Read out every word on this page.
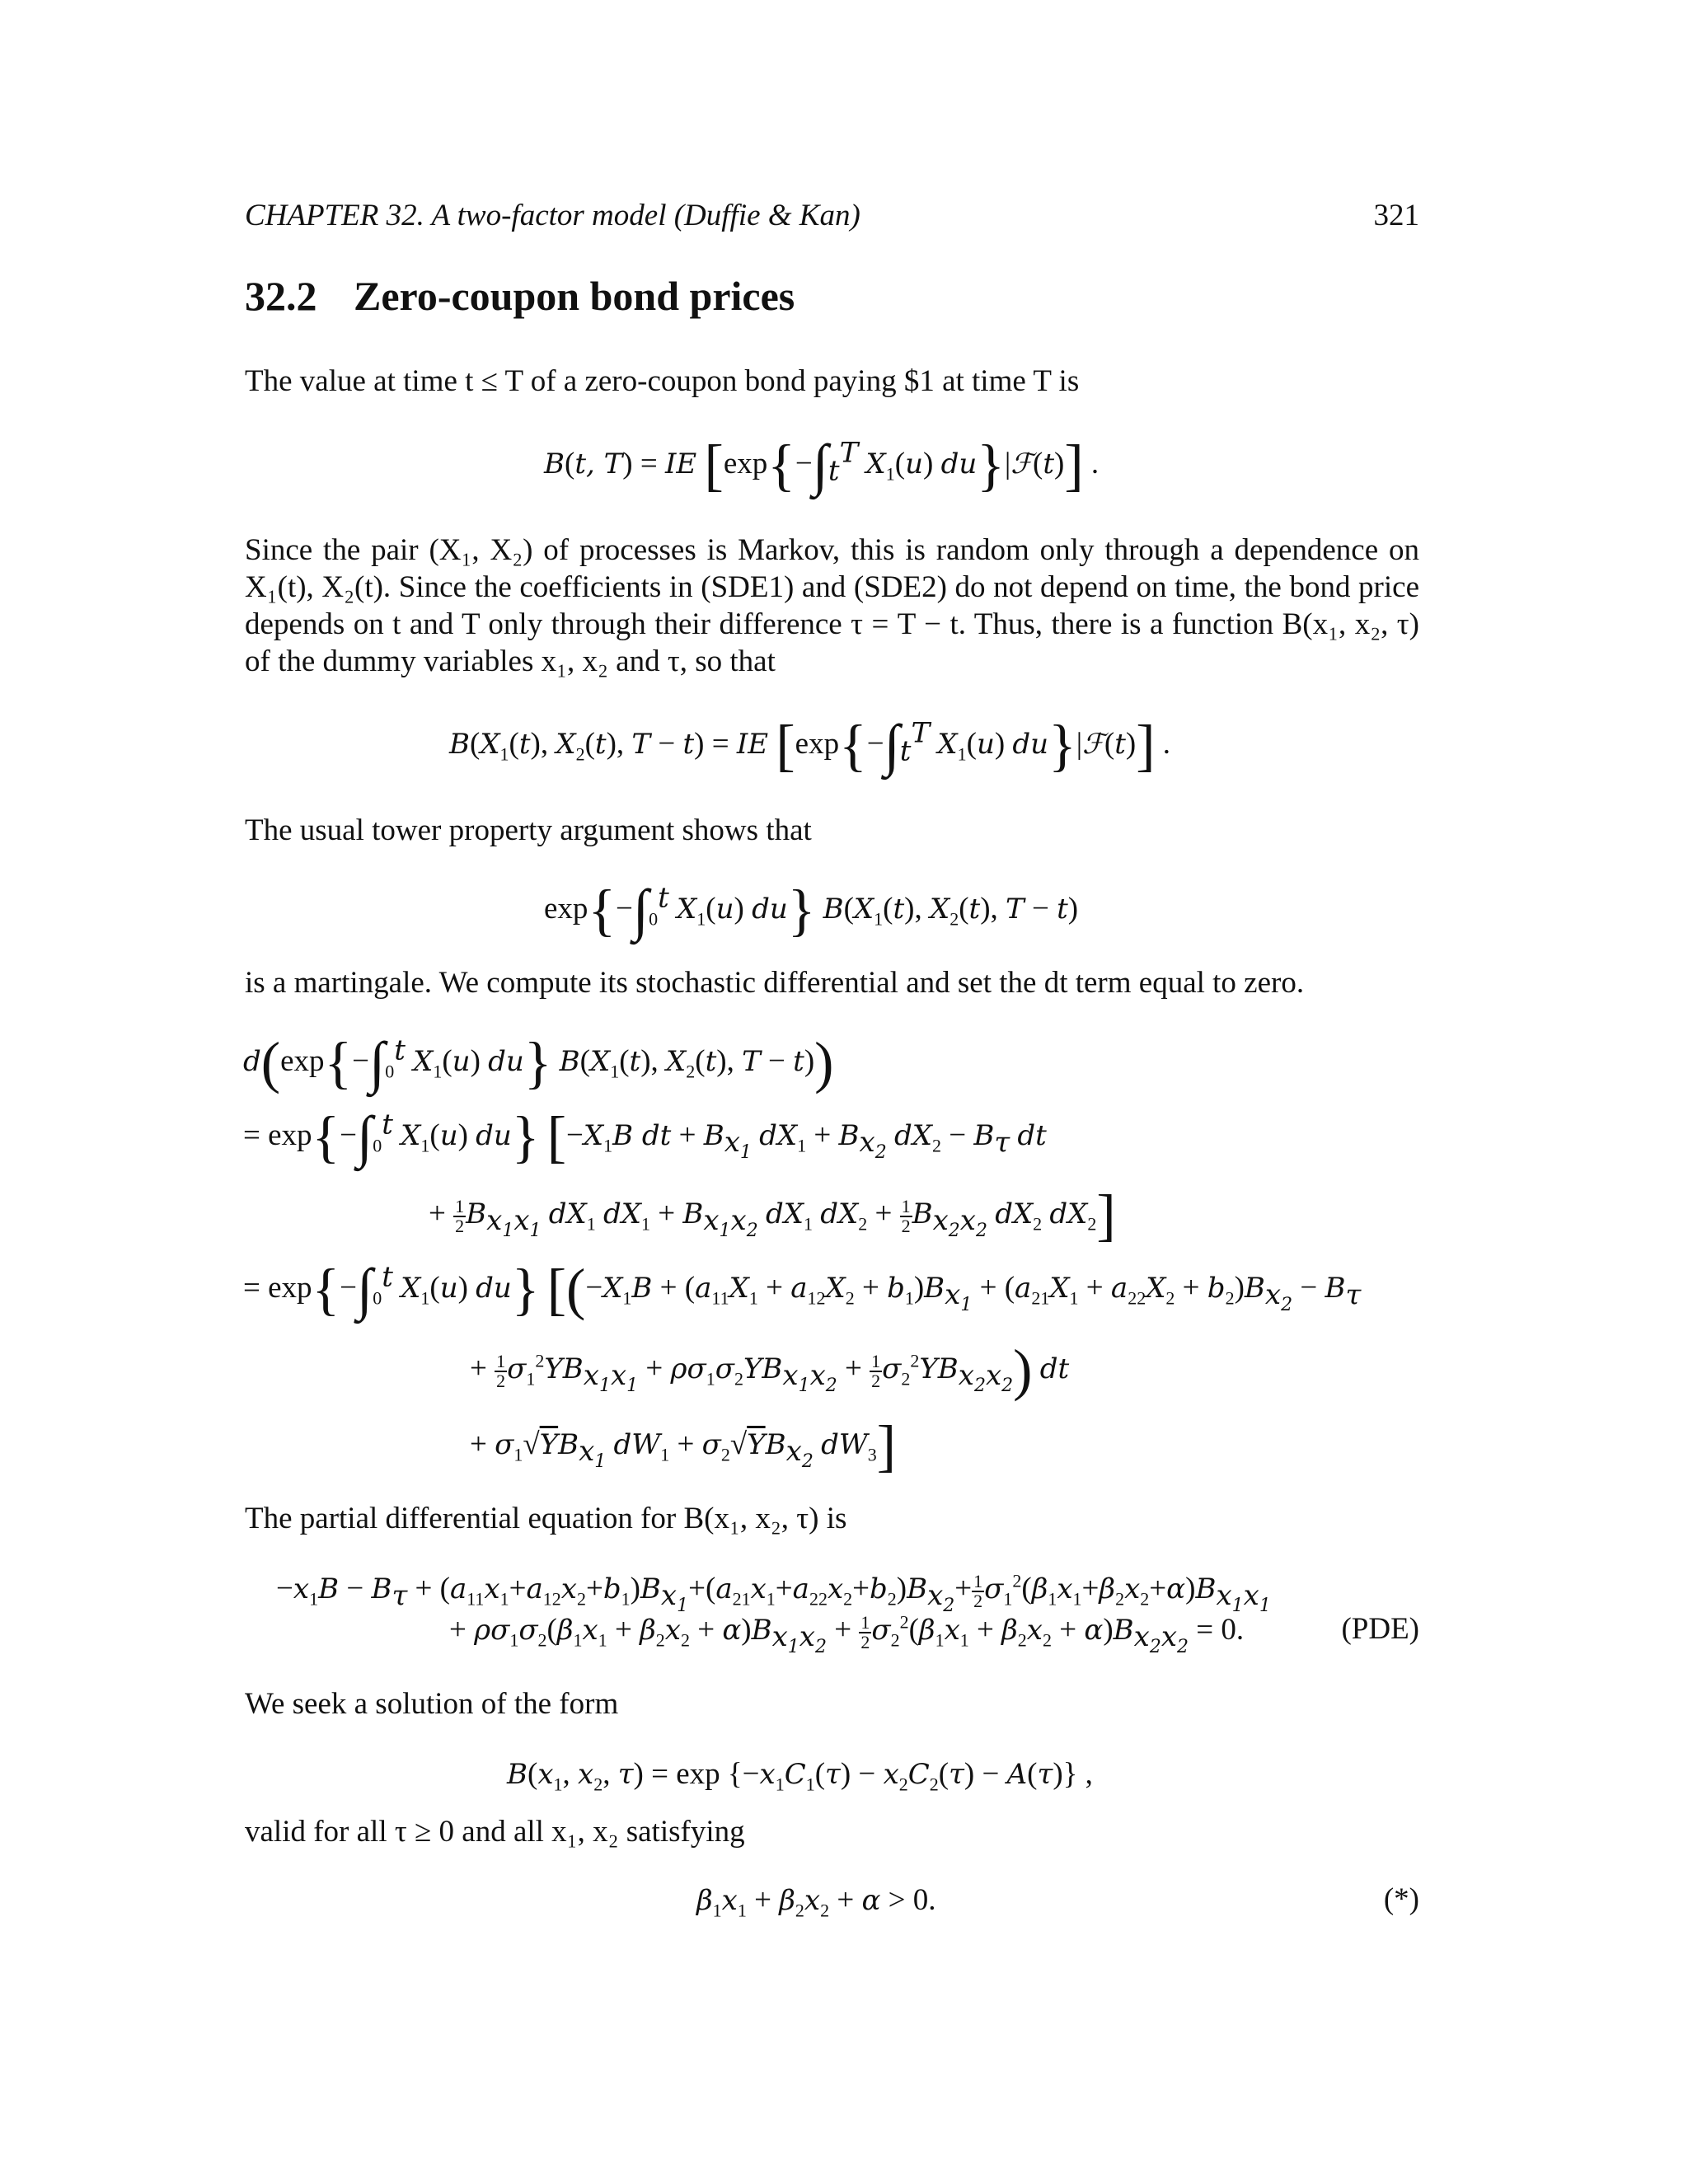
CHAPTER 32. A two-factor model (Duffie & Kan)	321
32.2 Zero-coupon bond prices
The value at time t ≤ T of a zero-coupon bond paying $1 at time T is
B(t, T) = IE [$\exp\{-\int_t^T$ $X_1(u)$ du}|ℱ(t)] .
Since the pair (X₁, X₂) of processes is Markov, this is random only through a dependence on X₁(t), X₂(t). Since the coefficients in (SDE1) and (SDE2) do not depend on time, the bond price depends on t and T only through their difference τ = T − t. Thus, there is a function B(x₁, x₂, τ) of the dummy variables x₁, x₂ and τ, so that
$B(X_1(t)$, $X_2(t)$, T − t) = IE [$\exp\{-\int_t^T$ $X_1(u)$ du}|ℱ(t)] .
The usual tower property argument shows that
$\exp\{-\int_0^t$ $X_1(u)$ du} $B(X_1(t)$, $X_2(t)$, T − t)
is a martingale. We compute its stochastic differential and set the dt term equal to zero.
$d(\exp\{-\int_0^t$ $X_1(u)$ du} $B(X_1(t)$, $X_2(t)$, T − t))
= $\exp\{-\int_0^t$ $X_1(u)$ du} [$-X_1B$ dt + $B_{x_1}$ $dX_1 + B_{x_2}$ $dX_2 - B_\tau$ dt
+ $\frac{1}{2} B_{x_1x_1}$ $dX_1$ $dX_1 + B_{x_1x_2}$ $dX_1$ $dX_2 + \frac{1}{2} B_{x_2x_2}$ $dX_2$ $dX_2$]
= $\exp\{-\int_0^t$ $X_1(u)$ du} [($-X_1B + (a_{11}X_1 + a_{12}X_2 + b_1)B_{x_1} + (a_{21}X_1 + a_{22}X_2 + b_2)B_{x_2} - B_\tau$
+ $\frac{1}{2} \sigma_1^2YB_{x_1x_1} + \rho\sigma_1\sigma_2YB_{x_1x_2} + \frac{1}{2} \sigma_2^2YB_{x_2x_2}$) dt
+ $\sigma_1√YB_{x_1}$ $dW_1 + \sigma_2√YB_{x_2}$ $dW_3$]
The partial differential equation for B(x₁, x₂, τ) is
$-x_1B - B_\tau + (a_{11}x_1+a_{12}x_2+b_1)B_{x_1}+(a_{21}x_1+a_{22}x_2+b_2)B_{x_2}+ \frac{1}{2} \sigma_1^2(\beta_1x_1+\beta_2x_2+\alpha)B_{x_1x_1}$
+ $\rho\sigma_1\sigma_2(\beta_1x_1 + \beta_2x_2 + \alpha)B_{x_1x_2} + \frac{1}{2} \sigma_2^2(\beta_1x_1 + \beta_2x_2 + \alpha)B_{x_2x_2} = 0$.	(PDE)
We seek a solution of the form
$B(x_1$, $x_2$, $\tau) = \exp \{-x_1C_1(\tau) - x_2C_2(\tau) - A(\tau)\}$ ,
valid for all τ ≥ 0 and all x₁, x₂ satisfying
$\beta_1x_1 + \beta_2x_2 + \alpha > 0$.	(*)
